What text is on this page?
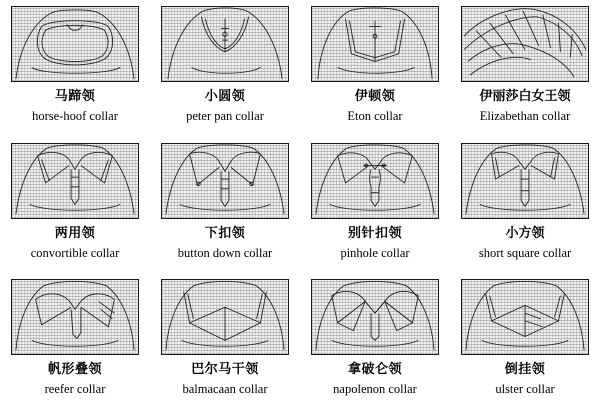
马蹄领
horse-hoof collar
小圆领
peter pan collar
伊顿领
Eton collar
伊丽莎白女王领
Elizabethan collar
两用领
convortible collar
下扣领
button down collar
别针扣领
pinhole collar
小方领
short square collar
帆形叠领
reefer collar
巴尔马干领
balmacaan collar
拿破仑领
napolenon collar
倒挂领
ulster collar
